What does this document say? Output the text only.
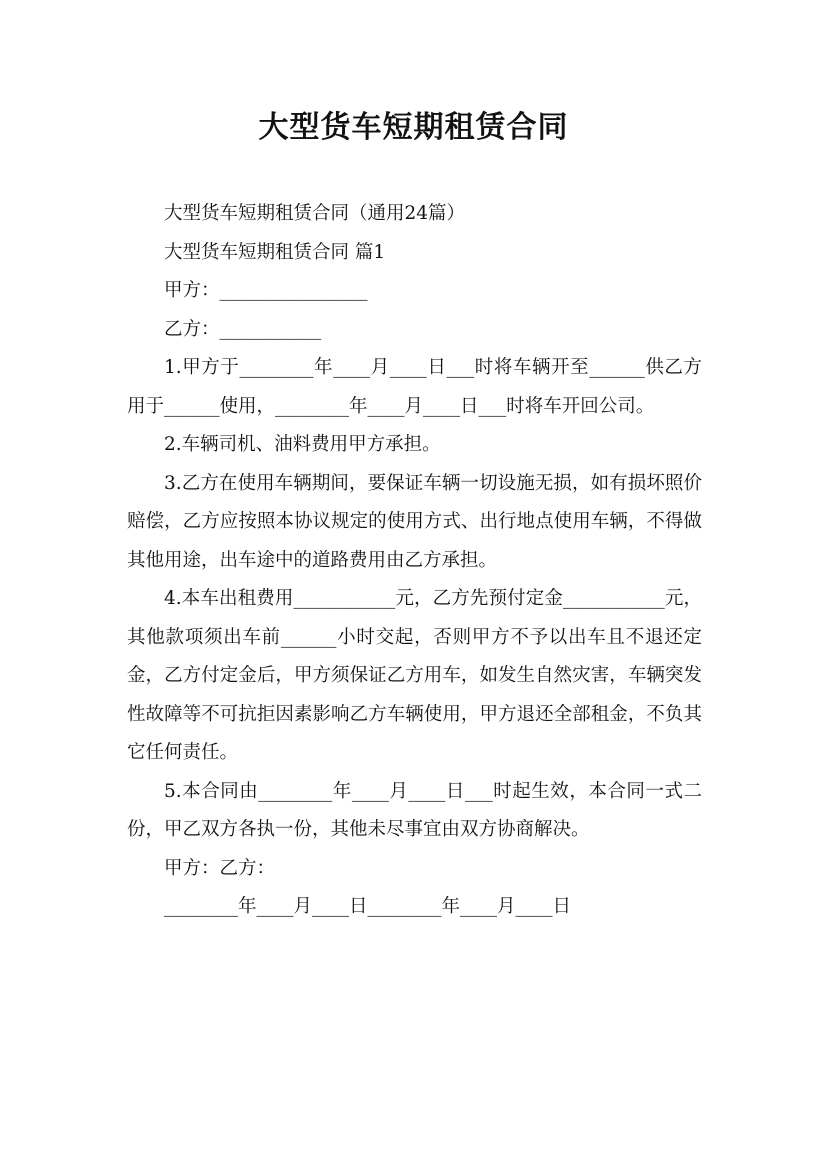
大型货车短期租赁合同

大型货车短期租赁合同（通用24篇）

大型货车短期租赁合同 篇1

甲方：________________

乙方：___________

1.甲方于________年____月____日___时将车辆开至______供乙方用于______使用，________年____月____日___时将车开回公司。

2.车辆司机、油料费用甲方承担。

3.乙方在使用车辆期间，要保证车辆一切设施无损，如有损坏照价赔偿，乙方应按照本协议规定的使用方式、出行地点使用车辆，不得做其他用途，出车途中的道路费用由乙方承担。

4.本车出租费用___________元，乙方先预付定金___________元，其他款项须出车前______小时交起，否则甲方不予以出车且不退还定金，乙方付定金后，甲方须保证乙方用车，如发生自然灾害，车辆突发性故障等不可抗拒因素影响乙方车辆使用，甲方退还全部租金，不负其它任何责任。

5.本合同由________年____月____日___时起生效，本合同一式二份，甲乙双方各执一份，其他未尽事宜由双方协商解决。

甲方：乙方：

________年____月____日________年____月____日
